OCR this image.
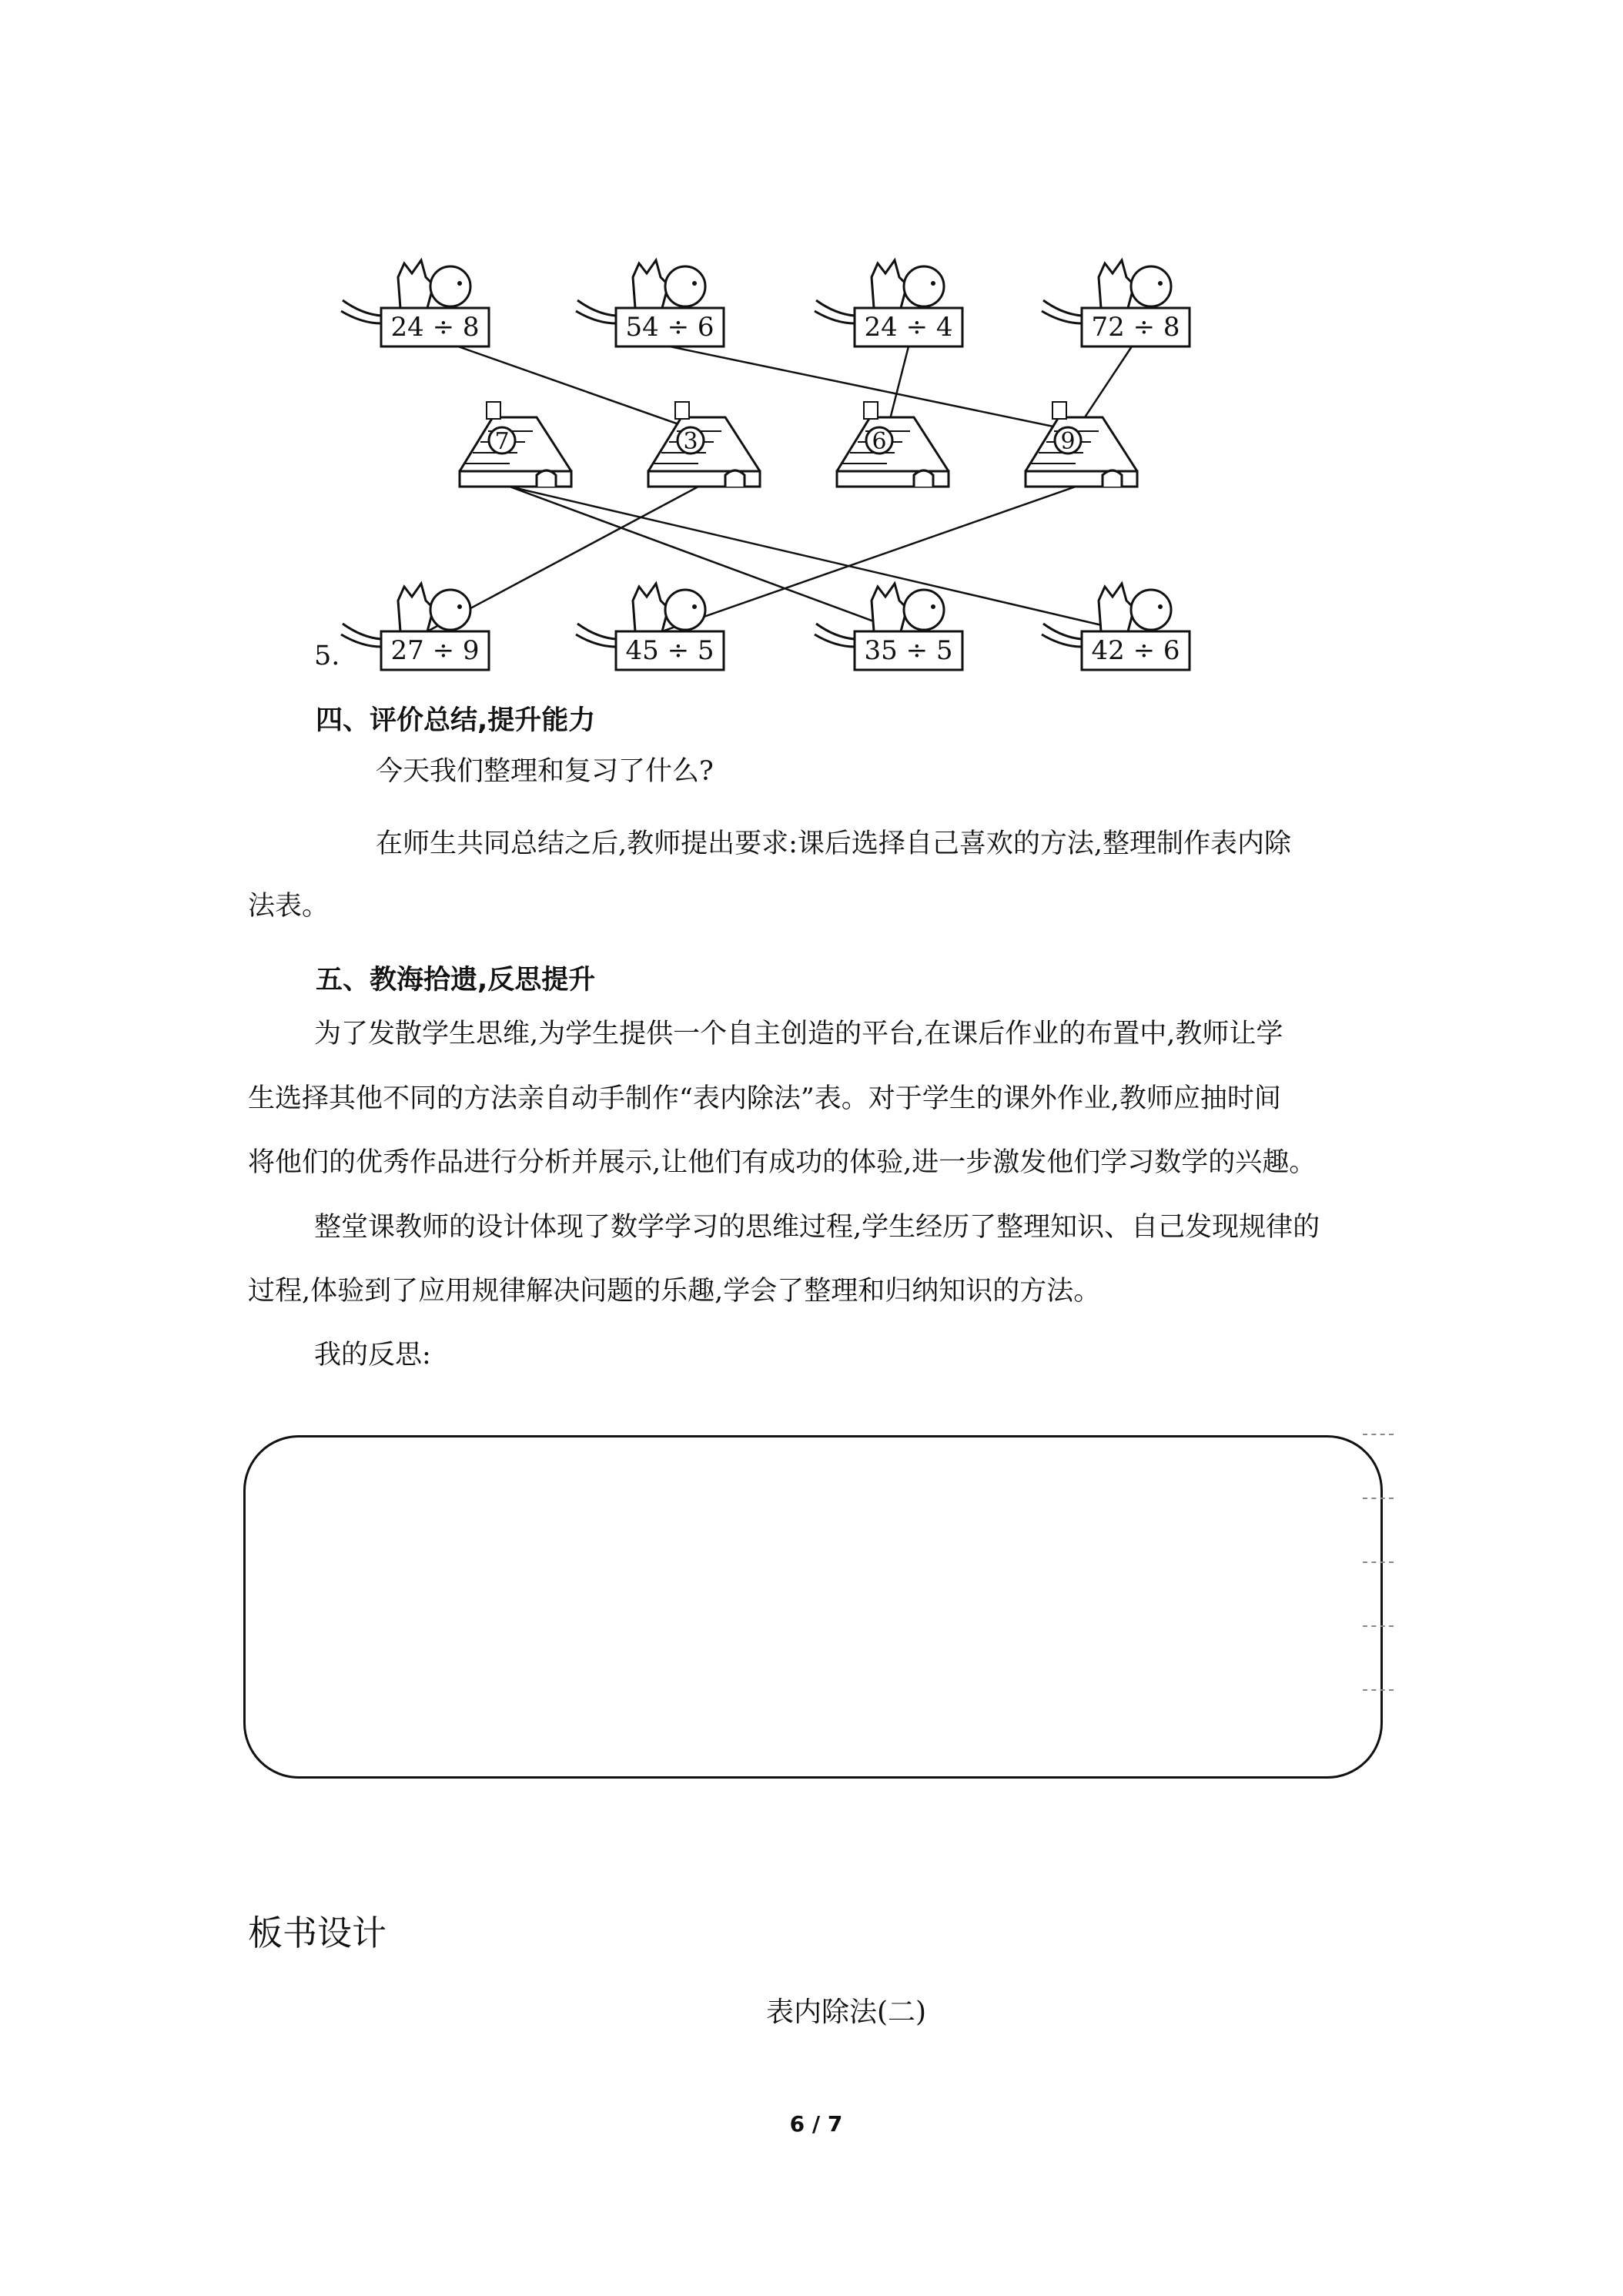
24 ÷ 8	54 ÷ 6	24 ÷ 4	72 ÷ 8
7	3	6	9
27 ÷ 9	45 ÷ 5	35 ÷ 5	42 ÷ 6
5.
四、评价总结,提升能力
今天我们整理和复习了什么?
在师生共同总结之后,教师提出要求:课后选择自己喜欢的方法,整理制作表内除
法表。
五、教海拾遗,反思提升
为了发散学生思维,为学生提供一个自主创造的平台,在课后作业的布置中,教师让学
生选择其他不同的方法亲自动手制作“表内除法”表。对于学生的课外作业,教师应抽时间
将他们的优秀作品进行分析并展示,让他们有成功的体验,进一步激发他们学习数学的兴趣。
整堂课教师的设计体现了数学学习的思维过程,学生经历了整理知识、自己发现规律的
过程,体验到了应用规律解决问题的乐趣,学会了整理和归纳知识的方法。
我的反思:
板书设计
表内除法(二)
6 / 7
